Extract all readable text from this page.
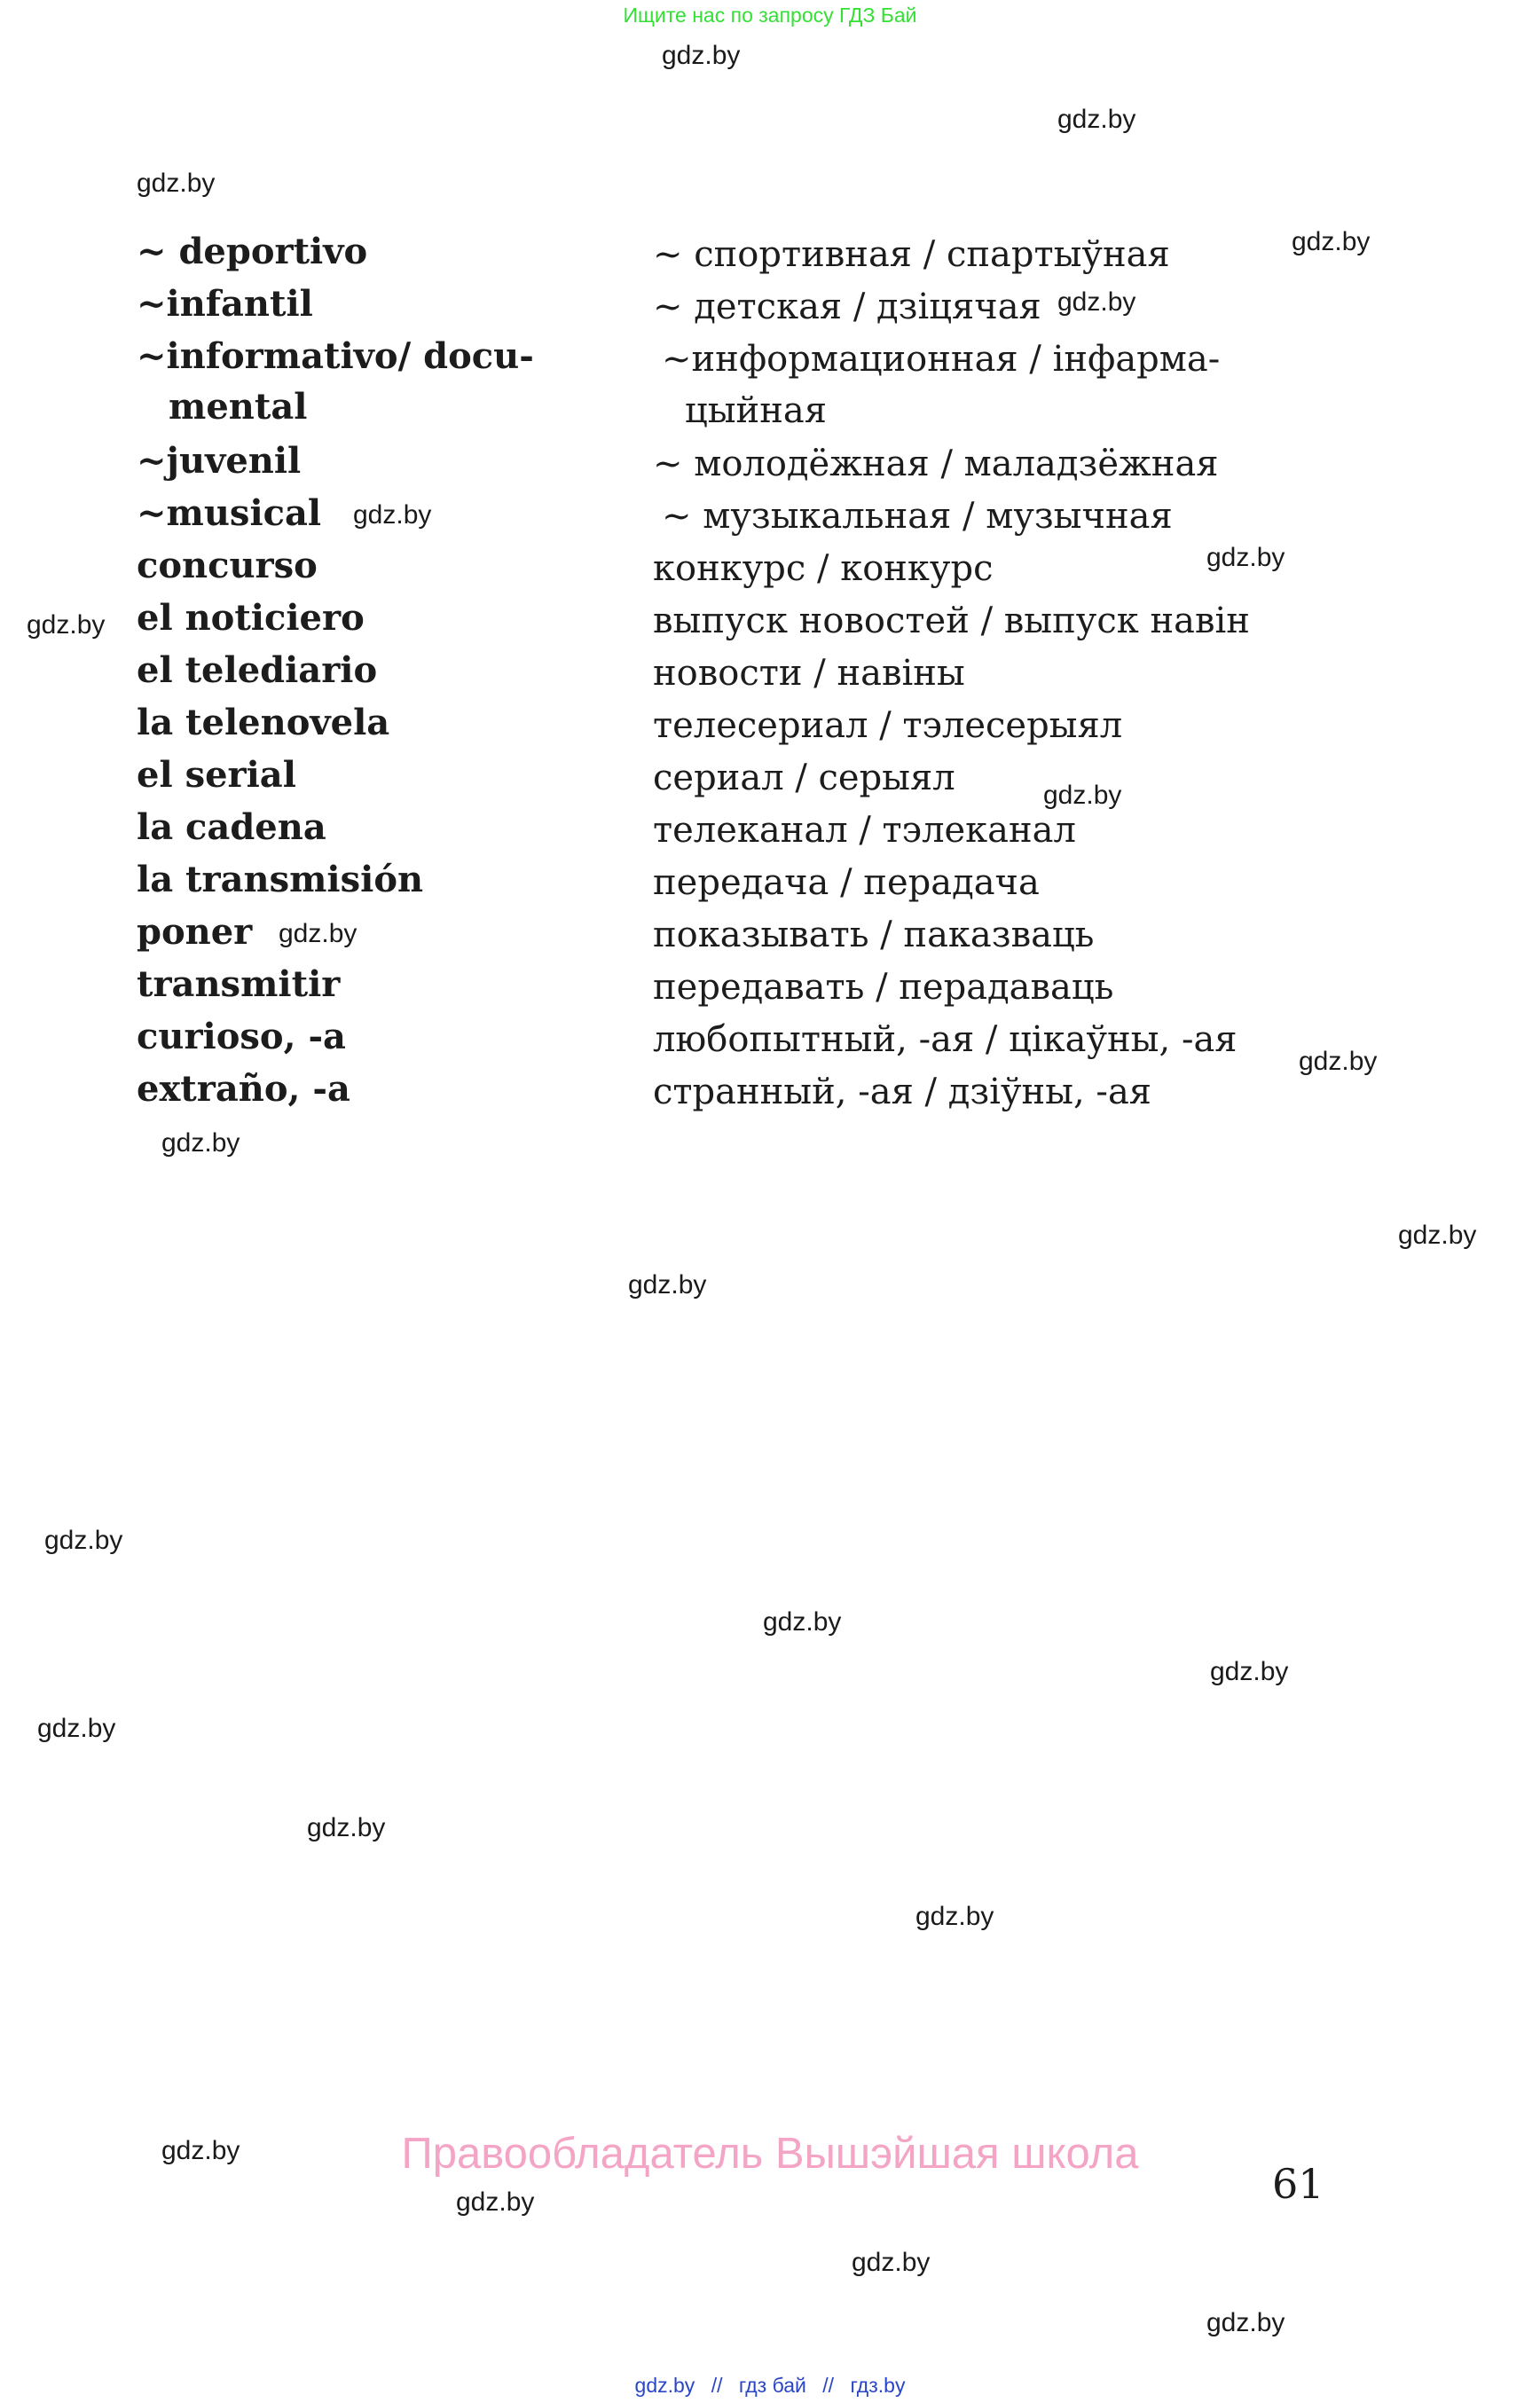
Ищите нас по запросу ГДЗ Бай
gdz.by
gdz.by
gdz.by
gdz.by
gdz.by
gdz.by
gdz.by
gdz.by
gdz.by
gdz.by
gdz.by
gdz.by
gdz.by
gdz.by
gdz.by
gdz.by
gdz.by
gdz.by
gdz.by
gdz.by
gdz.by
gdz.by
gdz.by
gdz.by
~ deportivo
~infantil
~informativo/ docu-
mental
~juvenil
~musical
concurso
el noticiero
el telediario
la telenovela
el serial
la cadena
la transmisión
poner
transmitir
curioso, -a
extraño, -a
~ спортивная / спартыўная
~ детская / дзіцячая
~информационная / інфарма-
цыйная
~ молодёжная / маладзёжная
~ музыкальная / музычная
конкурс / конкурс
выпуск новостей / выпуск навін
новости / навіны
телесериал / тэлесерыял
сериал / серыял
телеканал / тэлеканал
передача / перадача
показывать / паказваць
передавать / перадаваць
любопытный, -ая / цікаўны, -ая
странный, -ая / дзіўны, -ая
Правообладатель Вышэйшая школа
61
gdz.by // гдз бай // гдз.by
